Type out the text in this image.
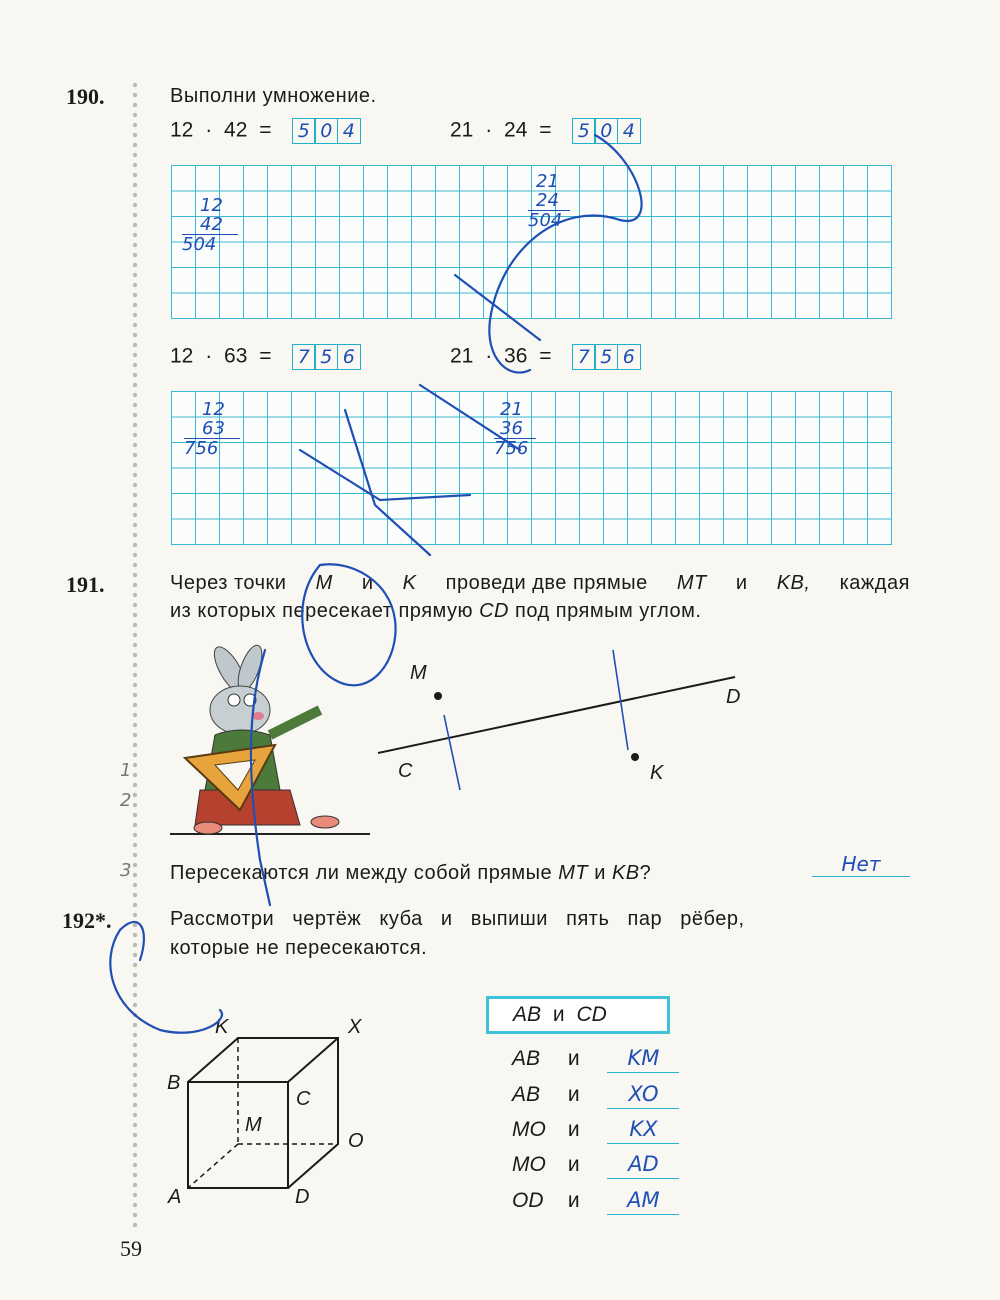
1
2
3
190.	Выполни умножение.
12 · 42 =	5 0 4	21 · 24 =	5 0 4
12
42
504
21
24
504
12 · 63 =	7 5 6	21 · 36 =	7 5 6
12
63
756
21
36
756
191.	Через точки M и K проведи две прямые MT и KB, каждая
из которых пересекает прямую CD под прямым углом.
M
D
C	K
Пересекаются ли между собой прямые MT и KB?	Нет
192*.	Рассмотри   чертёж   куба   и   выпиши   пять   пар   рёбер,
которые не пересекаются.
K	X
B
C
M
O
A	D
AB и CD
AB и KM
AB и XO
MO и KX
MO и AD
OD и AM
59
